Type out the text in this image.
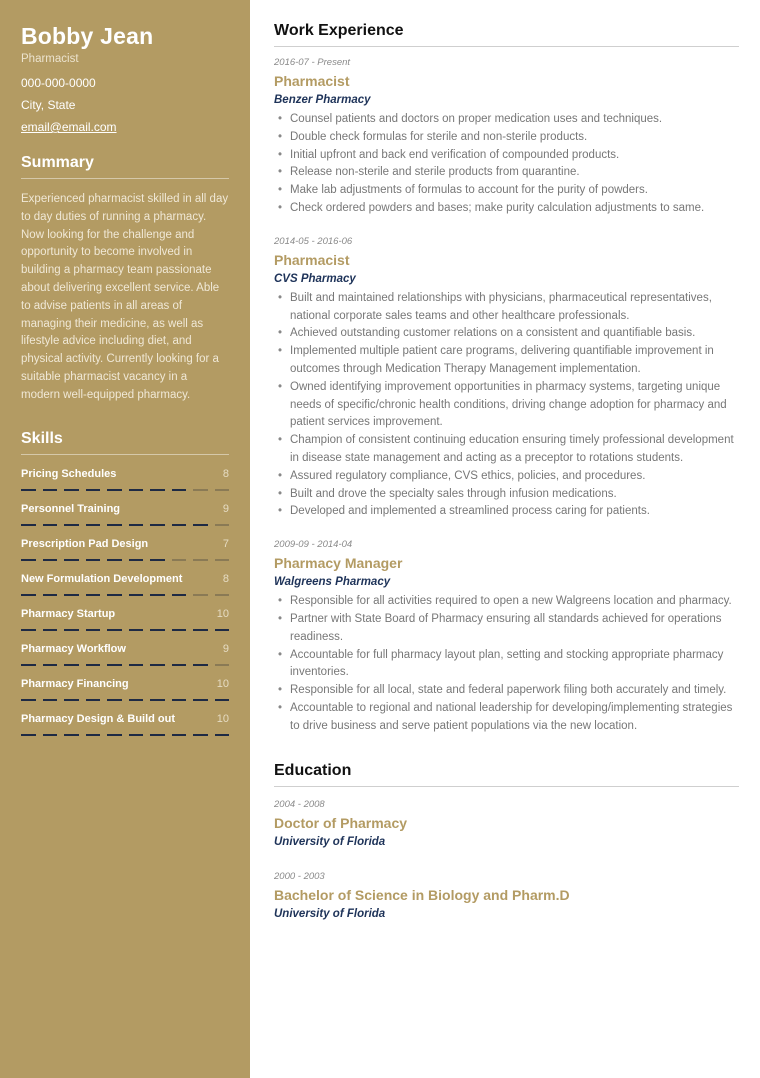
Bobby Jean
Pharmacist
000-000-0000
City, State
email@email.com
Summary
Experienced pharmacist skilled in all day to day duties of running a pharmacy. Now looking for the challenge and opportunity to become involved in building a pharmacy team passionate about delivering excellent service. Able to advise patients in all areas of managing their medicine, as well as lifestyle advice including diet, and physical activity. Currently looking for a suitable pharmacist vacancy in a modern well-equipped pharmacy.
Skills
Pricing Schedules	8
Personnel Training	9
Prescription Pad Design	7
New Formulation Development	8
Pharmacy Startup	10
Pharmacy Workflow	9
Pharmacy Financing	10
Pharmacy Design & Build out	10
Work Experience
2016-07 - Present
Pharmacist
Benzer Pharmacy
• Counsel patients and doctors on proper medication uses and techniques.
• Double check formulas for sterile and non-sterile products.
• Initial upfront and back end verification of compounded products.
• Release non-sterile and sterile products from quarantine.
• Make lab adjustments of formulas to account for the purity of powders.
• Check ordered powders and bases; make purity calculation adjustments to same.
2014-05 - 2016-06
Pharmacist
CVS Pharmacy
• Built and maintained relationships with physicians, pharmaceutical representatives, national corporate sales teams and other healthcare professionals.
• Achieved outstanding customer relations on a consistent and quantifiable basis.
• Implemented multiple patient care programs, delivering quantifiable improvement in outcomes through Medication Therapy Management implementation.
• Owned identifying improvement opportunities in pharmacy systems, targeting unique needs of specific/chronic health conditions, driving change adoption for pharmacy and patient services improvement.
• Champion of consistent continuing education ensuring timely professional development in disease state management and acting as a preceptor to rotations students.
• Assured regulatory compliance, CVS ethics, policies, and procedures.
• Built and drove the specialty sales through infusion medications.
• Developed and implemented a streamlined process caring for patients.
2009-09 - 2014-04
Pharmacy Manager
Walgreens Pharmacy
• Responsible for all activities required to open a new Walgreens location and pharmacy.
• Partner with State Board of Pharmacy ensuring all standards achieved for operations readiness.
• Accountable for full pharmacy layout plan, setting and stocking appropriate pharmacy inventories.
• Responsible for all local, state and federal paperwork filing both accurately and timely.
• Accountable to regional and national leadership for developing/implementing strategies to drive business and serve patient populations via the new location.
Education
2004 - 2008
Doctor of Pharmacy
University of Florida
2000 - 2003
Bachelor of Science in Biology and Pharm.D
University of Florida
